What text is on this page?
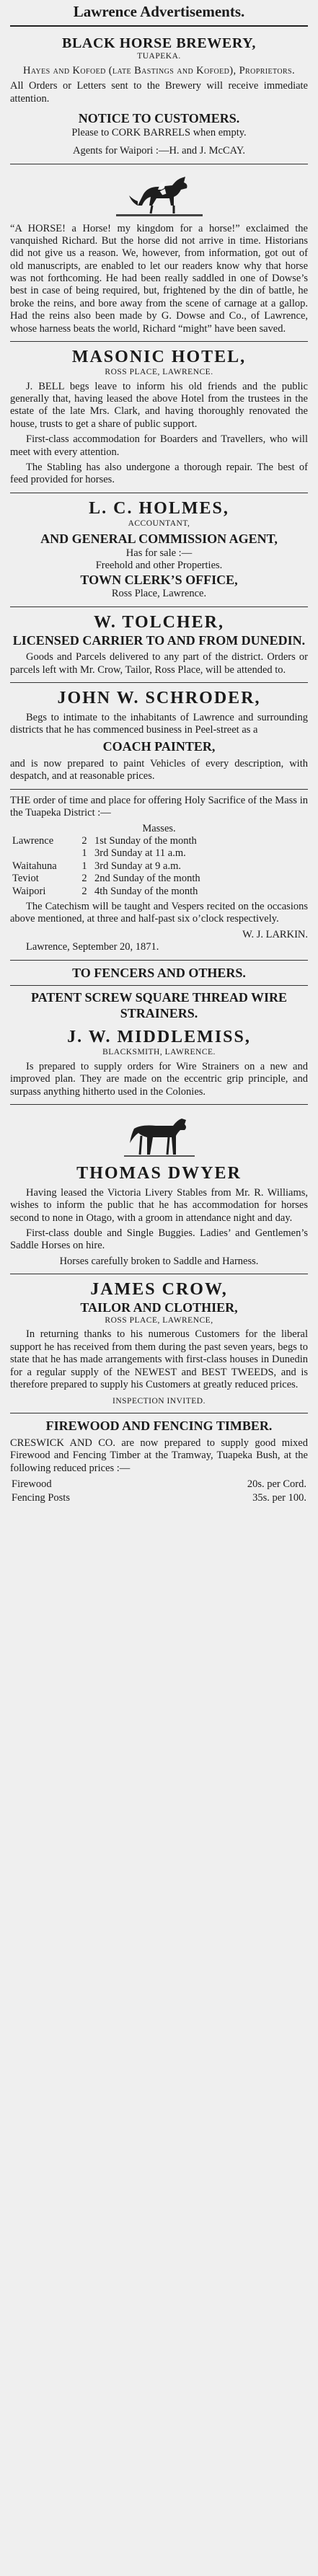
Lawrence Advertisements.
BLACK HORSE BREWERY,
TUAPEKA.
Hayes and Kofoed (late Bastings and Kofoed), Proprietors.
All Orders or Letters sent to the Brewery will receive immediate attention.
NOTICE TO CUSTOMERS.
Please to CORK BARRELS when empty.
Agents for Waipori :—H. and J. McCAY.
“A HORSE! a Horse! my kingdom for a horse!” exclaimed the vanquished Richard. But the horse did not arrive in time. Historians did not give us a reason. We, however, from information, got out of old manuscripts, are enabled to let our readers know why that horse was not forthcoming. He had been really saddled in one of Dowse’s best in case of being required, but, frightened by the din of battle, he broke the reins, and bore away from the scene of carnage at a gallop. Had the reins also been made by G. Dowse and Co., of Lawrence, whose harness beats the world, Richard “might” have been saved.
MASONIC HOTEL,
ROSS PLACE, LAWRENCE.
J. BELL begs leave to inform his old friends and the public generally that, having leased the above Hotel from the trustees in the estate of the late Mrs. Clark, and having thoroughly renovated the house, trusts to get a share of public support.
First-class accommodation for Boarders and Travellers, who will meet with every attention.
The Stabling has also undergone a thorough repair. The best of feed provided for horses.
L. C. HOLMES,
ACCOUNTANT,
AND GENERAL COMMISSION AGENT,
Has for sale :—
Freehold and other Properties.
TOWN CLERK’S OFFICE,
Ross Place, Lawrence.
W. TOLCHER,
LICENSED CARRIER TO AND FROM DUNEDIN.
Goods and Parcels delivered to any part of the district. Orders or parcels left with Mr. Crow, Tailor, Ross Place, will be attended to.
JOHN W. SCHRODER,
Begs to intimate to the inhabitants of Lawrence and surrounding districts that he has commenced business in Peel-street as a
COACH PAINTER,
and is now prepared to paint Vehicles of every description, with despatch, and at reasonable prices.
THE order of time and place for offering Holy Sacrifice of the Mass in the Tuapeka District :—
Masses.
Lawrence	2	1st Sunday of the month
	1	3rd Sunday at 11 a.m.
Waitahuna	1	3rd Sunday at 9 a.m.
Teviot	2	2nd Sunday of the month
Waipori	2	4th Sunday of the month
The Catechism will be taught and Vespers recited on the occasions above mentioned, at three and half-past six o’clock respectively.
W. J. LARKIN.
Lawrence, September 20, 1871.
TO FENCERS AND OTHERS.
PATENT SCREW SQUARE THREAD WIRE STRAINERS.
J. W. MIDDLEMISS,
BLACKSMITH, LAWRENCE.
Is prepared to supply orders for Wire Strainers on a new and improved plan. They are made on the eccentric grip principle, and surpass anything hitherto used in the Colonies.
THOMAS DWYER
Having leased the Victoria Livery Stables from Mr. R. Williams, wishes to inform the public that he has accommodation for horses second to none in Otago, with a groom in attendance night and day.
First-class double and Single Buggies. Ladies’ and Gentlemen’s Saddle Horses on hire.
Horses carefully broken to Saddle and Harness.
JAMES CROW,
TAILOR AND CLOTHIER,
ROSS PLACE, LAWRENCE,
In returning thanks to his numerous Customers for the liberal support he has received from them during the past seven years, begs to state that he has made arrangements with first-class houses in Dunedin for a regular supply of the NEWEST and BEST TWEEDS, and is therefore prepared to supply his Customers at greatly reduced prices.
INSPECTION INVITED.
FIREWOOD AND FENCING TIMBER.
CRESWICK AND CO. are now prepared to supply good mixed Firewood and Fencing Timber at the Tramway, Tuapeka Bush, at the following reduced prices :—
Firewood	20s. per Cord.
Fencing Posts	35s. per 100.
